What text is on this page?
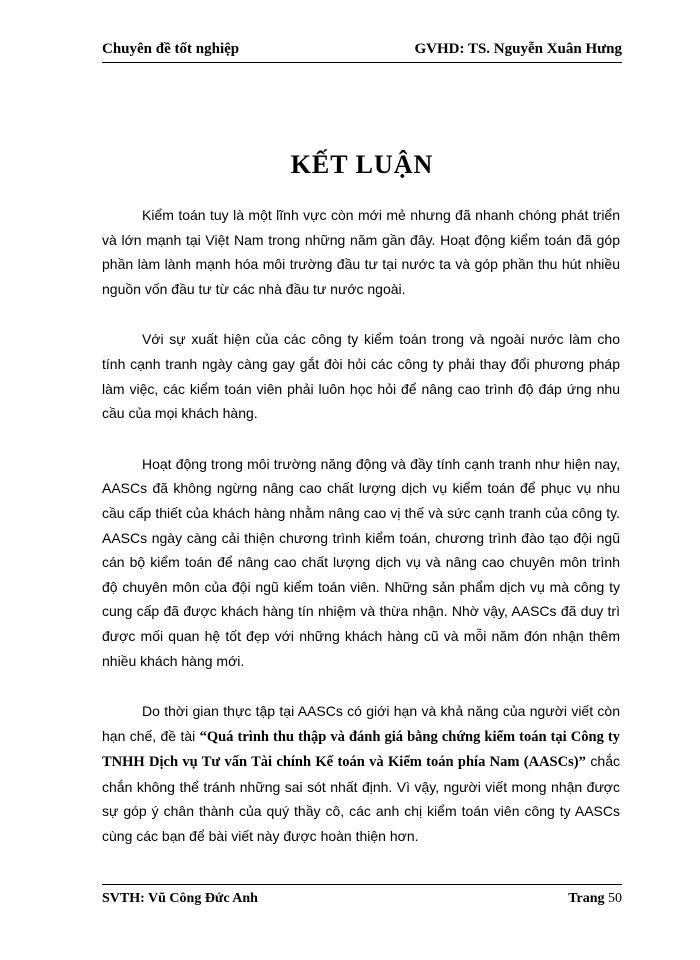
Chuyên đề tốt nghiệp	GVHD: TS. Nguyễn Xuân Hưng
KẾT LUẬN

Kiểm toán tuy là một lĩnh vực còn mới mẻ nhưng đã nhanh chóng phát triển và lớn mạnh tại Việt Nam trong những năm gần đây. Hoạt động kiểm toán đã góp phần làm lành mạnh hóa môi trường đầu tư tại nước ta và góp phần thu hút nhiều nguồn vốn đầu tư từ các nhà đầu tư nước ngoài.

Với sự xuất hiện của các công ty kiểm toán trong và ngoài nước làm cho tính cạnh tranh ngày càng gay gắt đòi hỏi các công ty phải thay đổi phương pháp làm việc, các kiểm toán viên phải luôn học hỏi để nâng cao trình độ đáp ứng nhu cầu của mọi khách hàng.

Hoạt động trong môi trường năng động và đầy tính cạnh tranh như hiện nay, AASCs đã không ngừng nâng cao chất lượng dịch vụ kiểm toán để phục vụ nhu cầu cấp thiết của khách hàng nhằm nâng cao vị thế và sức cạnh tranh của công ty. AASCs ngày càng cải thiện chương trình kiểm toán, chương trình đào tạo đội ngũ cán bộ kiểm toán để nâng cao chất lượng dịch vụ và nâng cao chuyên môn trình độ chuyên môn của đội ngũ kiểm toán viên. Những sản phẩm dịch vụ mà công ty cung cấp đã được khách hàng tín nhiệm và thừa nhận. Nhờ vậy, AASCs đã duy trì được mối quan hệ tốt đẹp với những khách hàng cũ và mỗi năm đón nhận thêm nhiều khách hàng mới.

Do thời gian thực tập tại AASCs có giới hạn và khả năng của người viết còn hạn chế, đề tài “Quá trình thu thập và đánh giá bằng chứng kiểm toán tại Công ty TNHH Dịch vụ Tư vấn Tài chính Kế toán và Kiểm toán phía Nam (AASCs)” chắc chắn không thể tránh những sai sót nhất định. Vì vậy, người viết mong nhận được sự góp ý chân thành của quý thầy cô, các anh chị kiểm toán viên công ty AASCs cùng các bạn để bài viết này được hoàn thiện hơn.

SVTH: Vũ Công Đức Anh	Trang 50
